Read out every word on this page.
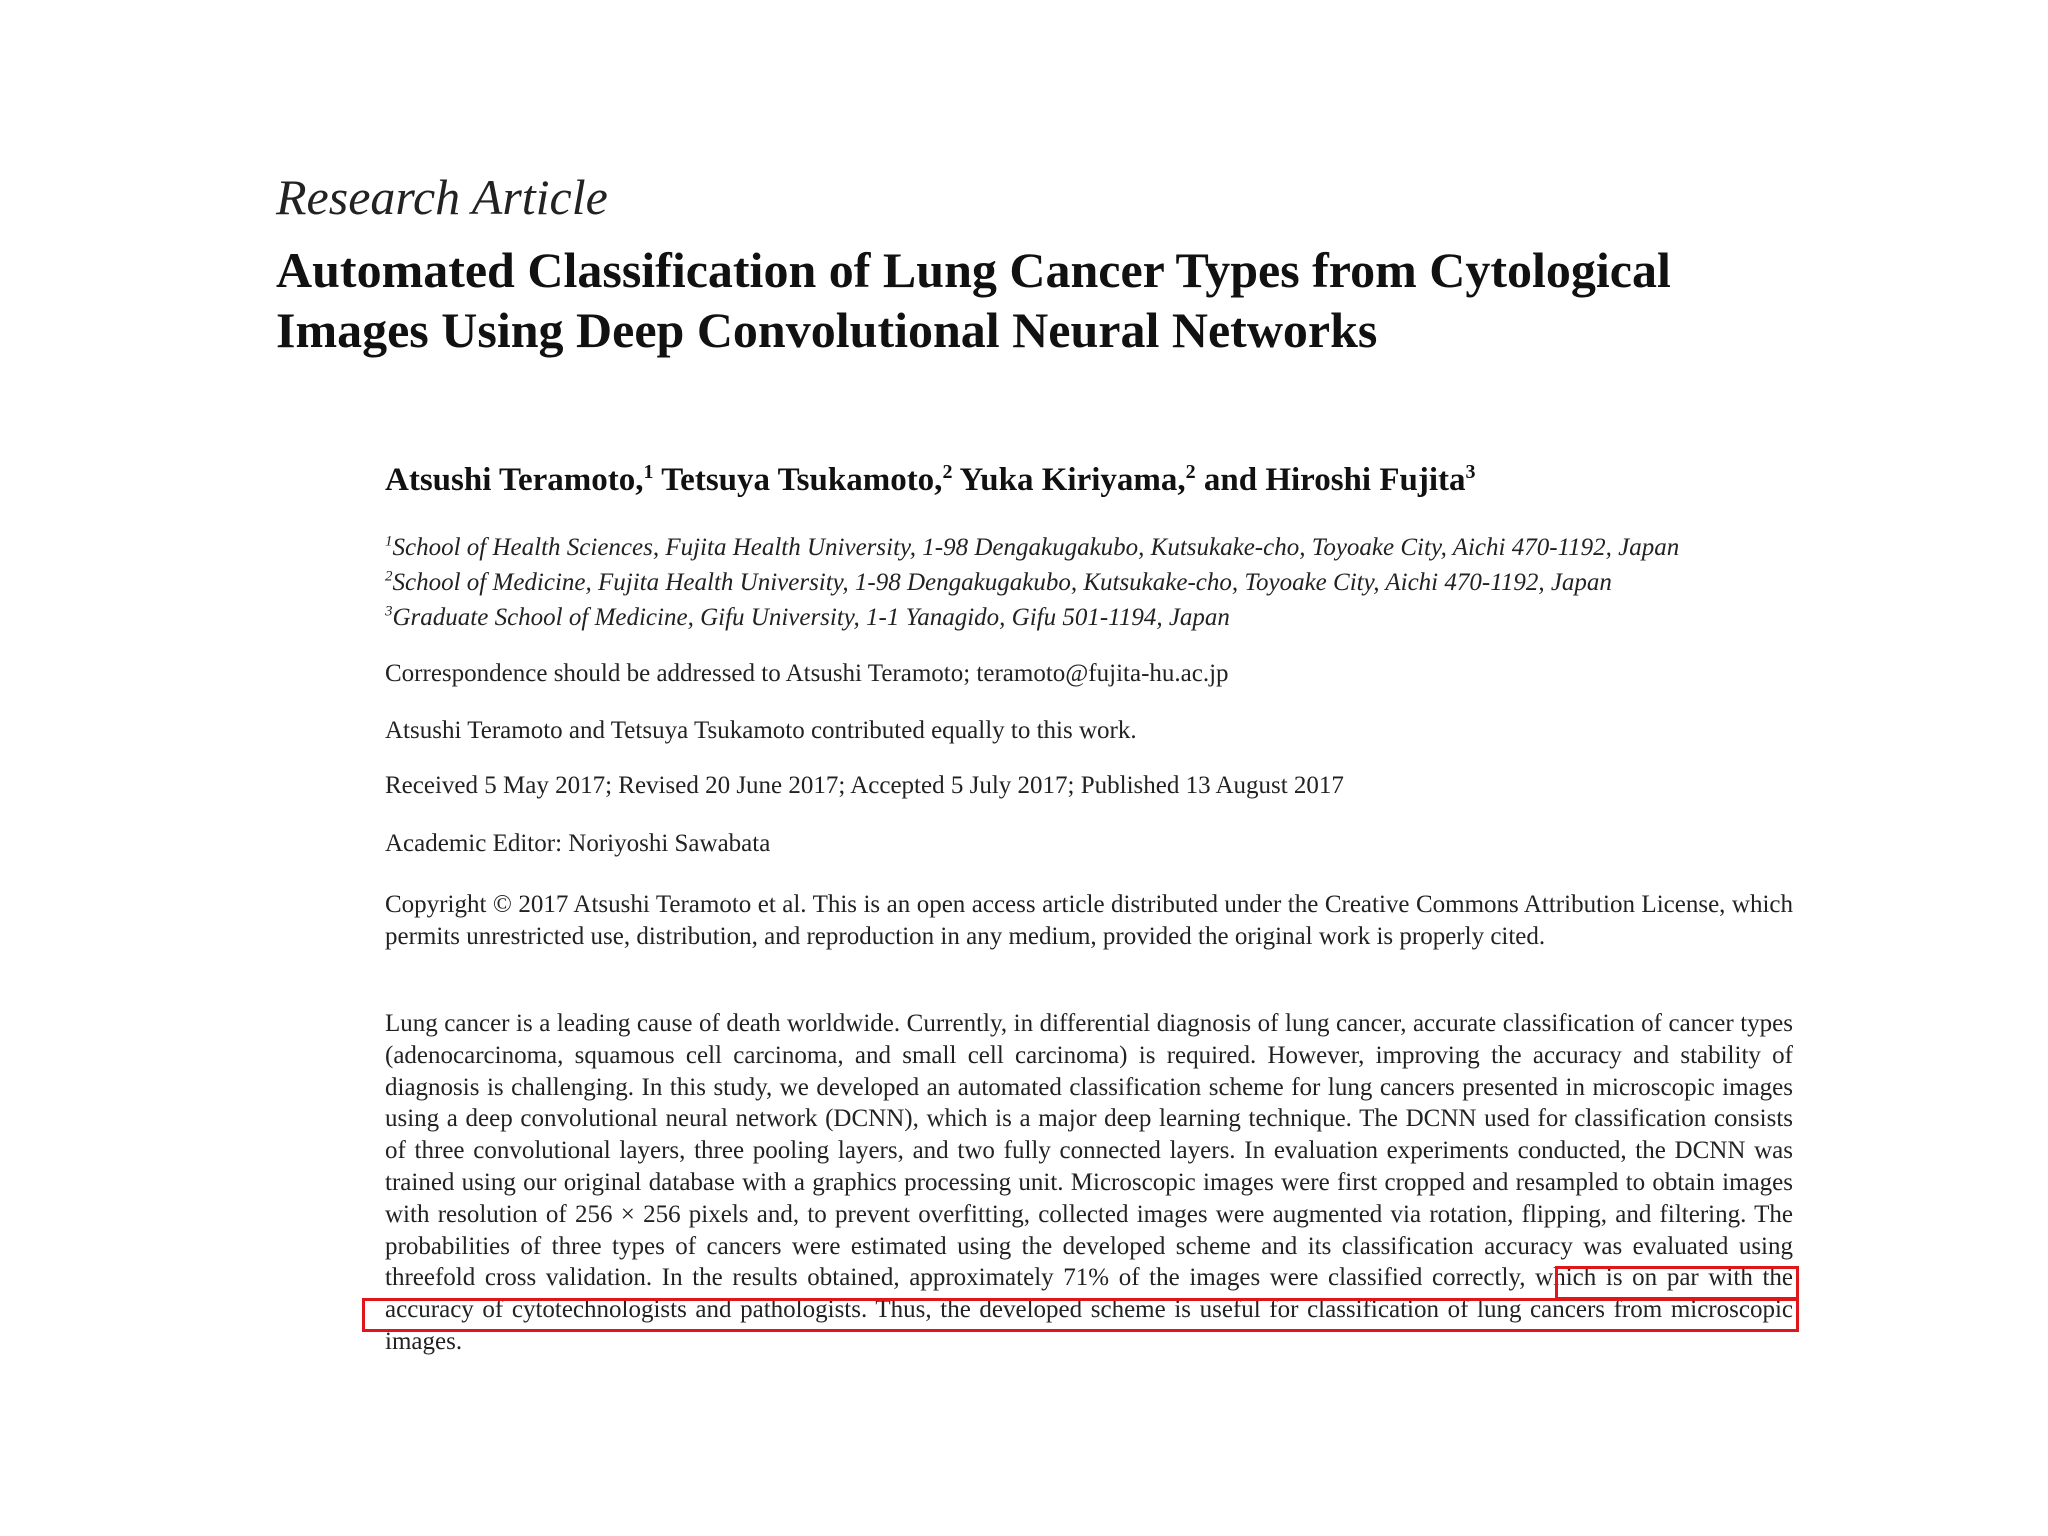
Research Article
Automated Classification of Lung Cancer Types from Cytological Images Using Deep Convolutional Neural Networks
Atsushi Teramoto,$^1$ Tetsuya Tsukamoto,$^2$ Yuka Kiriyama,$^2$ and Hiroshi Fujita$^3$
$^1$School of Health Sciences, Fujita Health University, 1-98 Dengakugakubo, Kutsukake-cho, Toyoake City, Aichi 470-1192, Japan
$^2$School of Medicine, Fujita Health University, 1-98 Dengakugakubo, Kutsukake-cho, Toyoake City, Aichi 470-1192, Japan
$^3$Graduate School of Medicine, Gifu University, 1-1 Yanagido, Gifu 501-1194, Japan
Correspondence should be addressed to Atsushi Teramoto; teramoto@fujita-hu.ac.jp
Atsushi Teramoto and Tetsuya Tsukamoto contributed equally to this work.
Received 5 May 2017; Revised 20 June 2017; Accepted 5 July 2017; Published 13 August 2017
Academic Editor: Noriyoshi Sawabata

Copyright © 2017 Atsushi Teramoto et al. This is an open access article distributed under the Creative Commons Attribution License, which permits unrestricted use, distribution, and reproduction in any medium, provided the original work is properly cited.

Lung cancer is a leading cause of death worldwide. Currently, in differential diagnosis of lung cancer, accurate classification of cancer types (adenocarcinoma, squamous cell carcinoma, and small cell carcinoma) is required. However, improving the accuracy and stability of diagnosis is challenging. In this study, we developed an automated classification scheme for lung cancers presented in microscopic images using a deep convolutional neural network (DCNN), which is a major deep learning technique. The DCNN used for classification consists of three convolutional layers, three pooling layers, and two fully connected layers. In evaluation experiments conducted, the DCNN was trained using our original database with a graphics processing unit. Microscopic images were first cropped and resampled to obtain images with resolution of 256 × 256 pixels and, to prevent overfitting, collected images were augmented via rotation, flipping, and filtering. The probabilities of three types of cancers were estimated using the developed scheme and its classification accuracy was evaluated using threefold cross validation. In the results obtained, approximately 71% of the images were classified correctly, which is on par with the accuracy of cytotechnologists and pathologists. Thus, the developed scheme is useful for classification of lung cancers from microscopic images.
